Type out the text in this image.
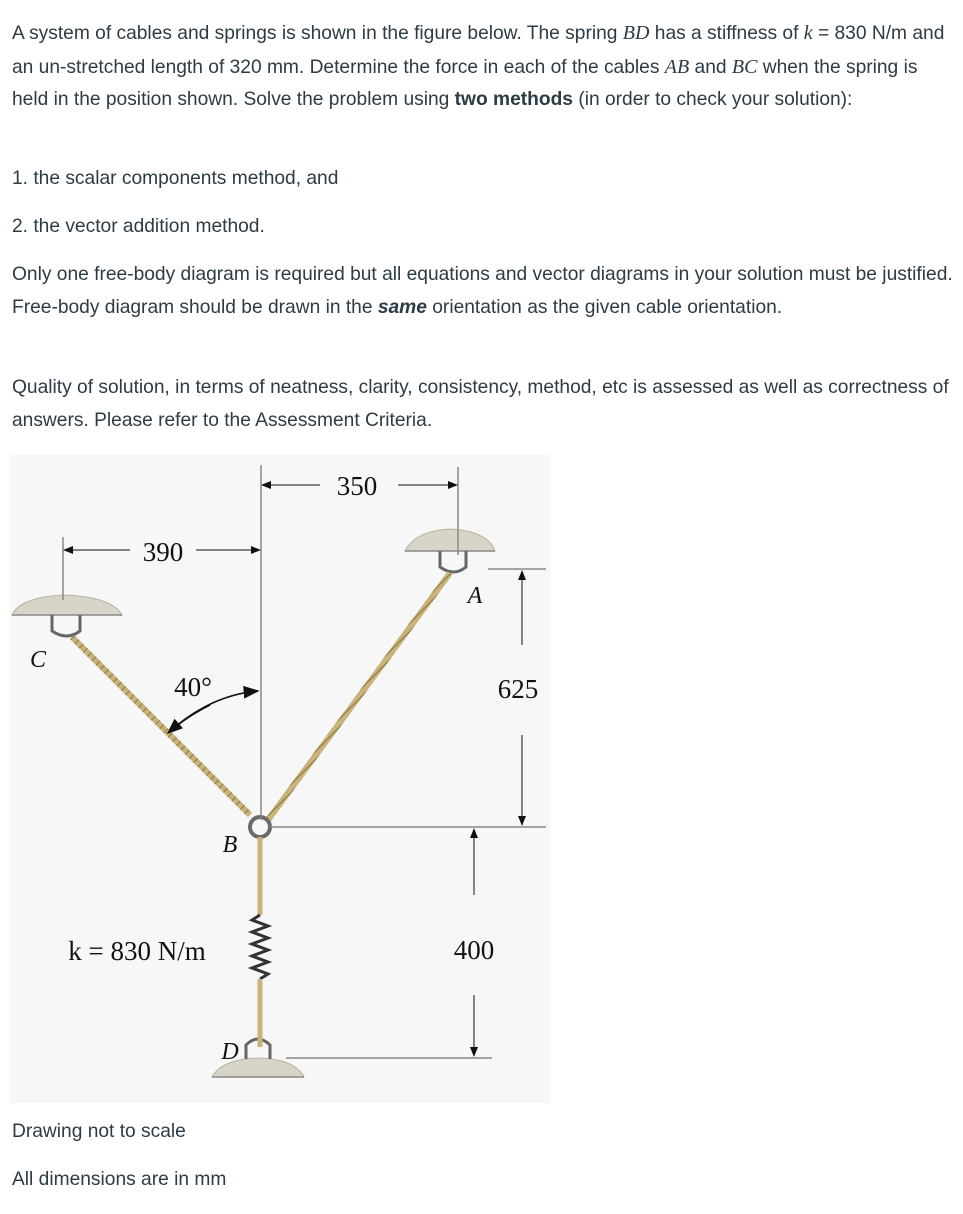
A system of cables and springs is shown in the figure below. The spring BD has a stiffness of k = 830 N/m and an un-stretched length of 320 mm. Determine the force in each of the cables AB and BC when the spring is held in the position shown. Solve the problem using two methods (in order to check your solution):

1. the scalar components method, and

2. the vector addition method.

Only one free-body diagram is required but all equations and vector diagrams in your solution must be justified. Free-body diagram should be drawn in the same orientation as the given cable orientation.

Quality of solution, in terms of neatness, clarity, consistency, method, etc is assessed as well as correctness of answers. Please refer to the Assessment Criteria.

350
390
625
400
40°
A
B
C
D
k = 830 N/m

Drawing not to scale

All dimensions are in mm
